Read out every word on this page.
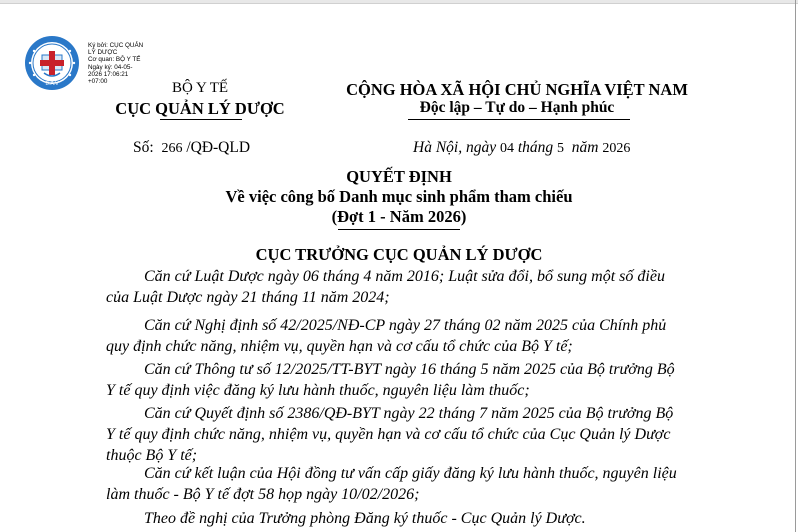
D.A.V
Ký bởi: CỤC QUẢN
LÝ DƯỢC
Cơ quan: BỘ Y TẾ
Ngày ký: 04-05-
2026 17:06:21
+07:00	BỘ Y TẾ
CỤC QUẢN LÝ DƯỢC
CỘNG HÒA XÃ HỘI CHỦ NGHĨA VIỆT NAM
Độc lập – Tự do – Hạnh phúc
Số: 266 /QĐ-QLD	Hà Nội, ngày 04 tháng 5 năm 2026
QUYẾT ĐỊNH
Về việc công bố Danh mục sinh phẩm tham chiếu
(Đợt 1 - Năm 2026)
CỤC TRƯỞNG CỤC QUẢN LÝ DƯỢC
Căn cứ Luật Dược ngày 06 tháng 4 năm 2016; Luật sửa đổi, bổ sung một số điều
của Luật Dược ngày 21 tháng 11 năm 2024;
Căn cứ Nghị định số 42/2025/NĐ-CP ngày 27 tháng 02 năm 2025 của Chính phủ
quy định chức năng, nhiệm vụ, quyền hạn và cơ cấu tổ chức của Bộ Y tế;
Căn cứ Thông tư số 12/2025/TT-BYT ngày 16 tháng 5 năm 2025 của Bộ trưởng Bộ
Y tế quy định việc đăng ký lưu hành thuốc, nguyên liệu làm thuốc;
Căn cứ Quyết định số 2386/QĐ-BYT ngày 22 tháng 7 năm 2025 của Bộ trưởng Bộ
Y tế quy định chức năng, nhiệm vụ, quyền hạn và cơ cấu tổ chức của Cục Quản lý Dược
thuộc Bộ Y tế;
Căn cứ kết luận của Hội đồng tư vấn cấp giấy đăng ký lưu hành thuốc, nguyên liệu
làm thuốc - Bộ Y tế đợt 58 họp ngày 10/02/2026;
Theo đề nghị của Trưởng phòng Đăng ký thuốc - Cục Quản lý Dược.
